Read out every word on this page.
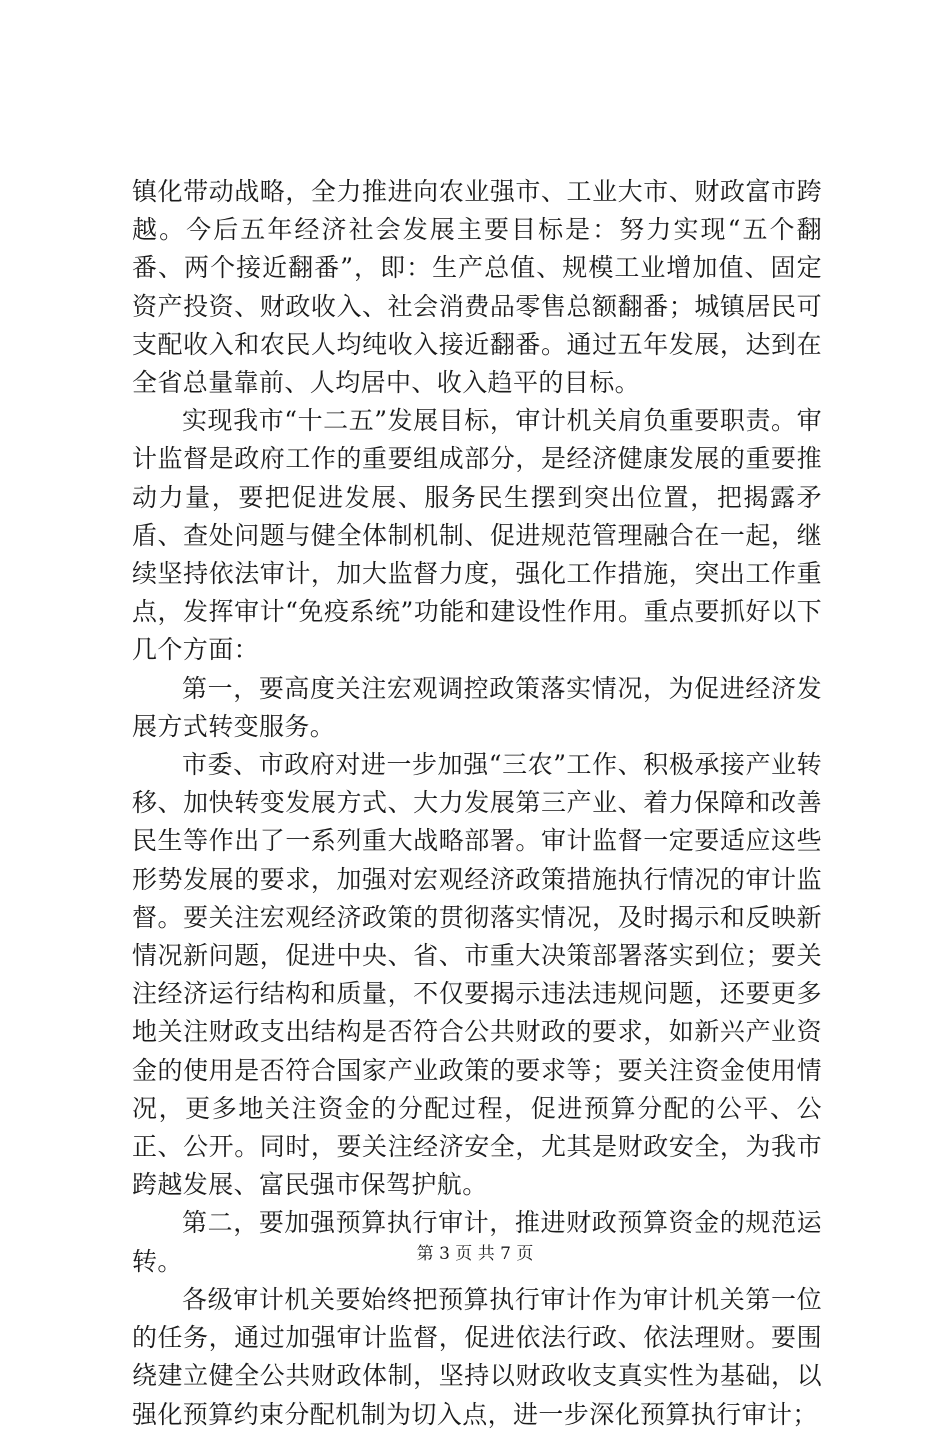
镇化带动战略，全力推进向农业强市、工业大市、财政富市跨越。今后五年经济社会发展主要目标是：努力实现“五个翻番、两个接近翻番”，即：生产总值、规模工业增加值、固定资产投资、财政收入、社会消费品零售总额翻番；城镇居民可支配收入和农民人均纯收入接近翻番。通过五年发展，达到在全省总量靠前、人均居中、收入趋平的目标。

实现我市“十二五”发展目标，审计机关肩负重要职责。审计监督是政府工作的重要组成部分，是经济健康发展的重要推动力量，要把促进发展、服务民生摆到突出位置，把揭露矛盾、查处问题与健全体制机制、促进规范管理融合在一起，继续坚持依法审计，加大监督力度，强化工作措施，突出工作重点，发挥审计“免疫系统”功能和建设性作用。重点要抓好以下几个方面：

第一，要高度关注宏观调控政策落实情况，为促进经济发展方式转变服务。

市委、市政府对进一步加强“三农”工作、积极承接产业转移、加快转变发展方式、大力发展第三产业、着力保障和改善民生等作出了一系列重大战略部署。审计监督一定要适应这些形势发展的要求，加强对宏观经济政策措施执行情况的审计监督。要关注宏观经济政策的贯彻落实情况，及时揭示和反映新情况新问题，促进中央、省、市重大决策部署落实到位；要关注经济运行结构和质量，不仅要揭示违法违规问题，还要更多地关注财政支出结构是否符合公共财政的要求，如新兴产业资金的使用是否符合国家产业政策的要求等；要关注资金使用情况，更多地关注资金的分配过程，促进预算分配的公平、公正、公开。同时，要关注经济安全，尤其是财政安全，为我市跨越发展、富民强市保驾护航。

第二，要加强预算执行审计，推进财政预算资金的规范运转。

各级审计机关要始终把预算执行审计作为审计机关第一位的任务，通过加强审计监督，促进依法行政、依法理财。要围绕建立健全公共财政体制，坚持以财政收支真实性为基础，以强化预算约束分配机制为切入点，进一步深化预算执行审计；

第 3 页 共 7 页
